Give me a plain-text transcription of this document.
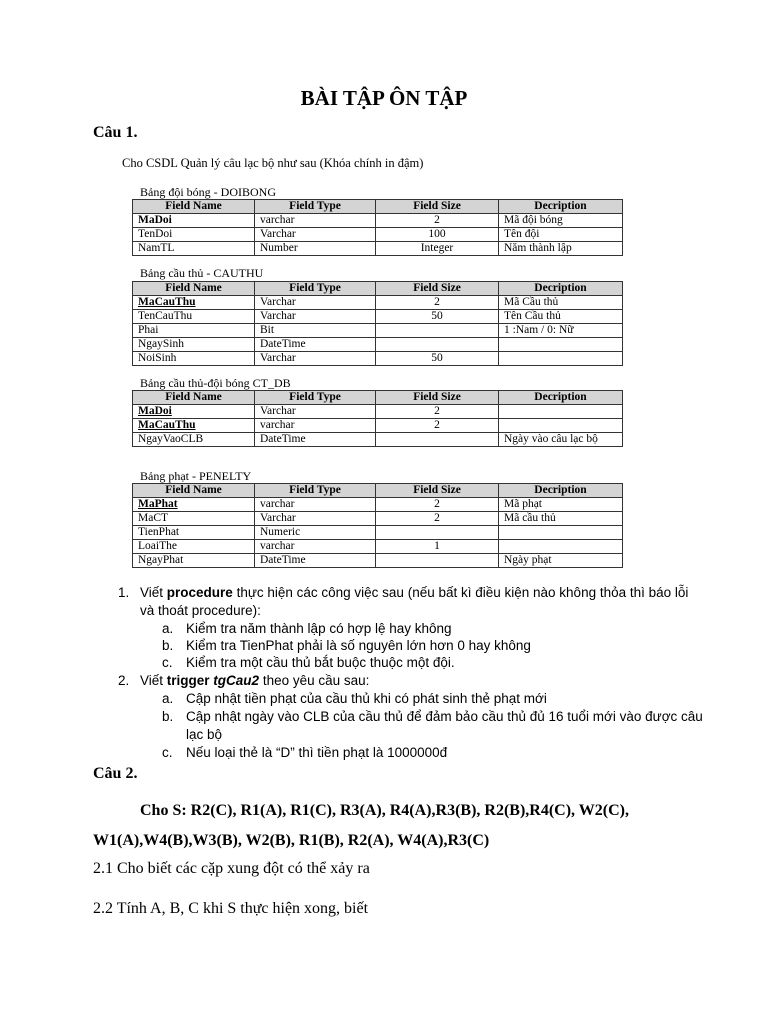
BÀI TẬP ÔN TẬP
Câu 1.
Cho CSDL Quản lý câu lạc bộ như sau (Khóa chính in đậm)
Bảng đội bóng - DOIBONG
Field Name	Field Type	Field Size	Decription
MaDoi	varchar	2	Mã đội bóng
TenDoi	Varchar	100	Tên đội
NamTL	Number	Integer	Năm thành lập
Bảng cầu thủ - CAUTHU
Field Name	Field Type	Field Size	Decription
MaCauThu	Varchar	2	Mã Cầu thủ
TenCauThu	Varchar	50	Tên Cầu thủ
Phai	Bit		1 :Nam / 0: Nữ
NgaySinh	DateTime		
NoiSinh	Varchar	50	
Bảng cầu thủ-đội bóng CT_DB
Field Name	Field Type	Field Size	Decription
MaDoi	Varchar	2	
MaCauThu	varchar	2	
NgayVaoCLB	DateTime		Ngày vào câu lạc bộ
Bảng phạt - PENELTY
Field Name	Field Type	Field Size	Decription
MaPhat	varchar	2	Mã phạt
MaCT	Varchar	2	Mã cầu thủ
TienPhat	Numeric		
LoaiThe	varchar	1	
NgayPhat	DateTime		Ngày phạt
1. Viết procedure thực hiện các công việc sau (nếu bất kì điều kiện nào không thỏa thì báo lỗi và thoát procedure):
a. Kiểm tra năm thành lập có hợp lệ hay không
b. Kiểm tra TienPhat phải là số nguyên lớn hơn 0 hay không
c. Kiểm tra một cầu thủ bắt buộc thuộc một đội.
2. Viết trigger tgCau2 theo yêu cầu sau:
a. Cập nhật tiền phạt của cầu thủ khi có phát sinh thẻ phạt mới
b. Cập nhật ngày vào CLB của cầu thủ để đảm bảo cầu thủ đủ 16 tuổi mới vào được câu lạc bộ
c. Nếu loại thẻ là “D” thì tiền phạt là 1000000đ
Câu 2.
Cho S: R2(C), R1(A), R1(C), R3(A), R4(A),R3(B), R2(B),R4(C), W2(C),
W1(A),W4(B),W3(B), W2(B), R1(B), R2(A), W4(A),R3(C)
2.1 Cho biết các cặp xung đột có thể xảy ra
2.2 Tính A, B, C khi S thực hiện xong, biết
